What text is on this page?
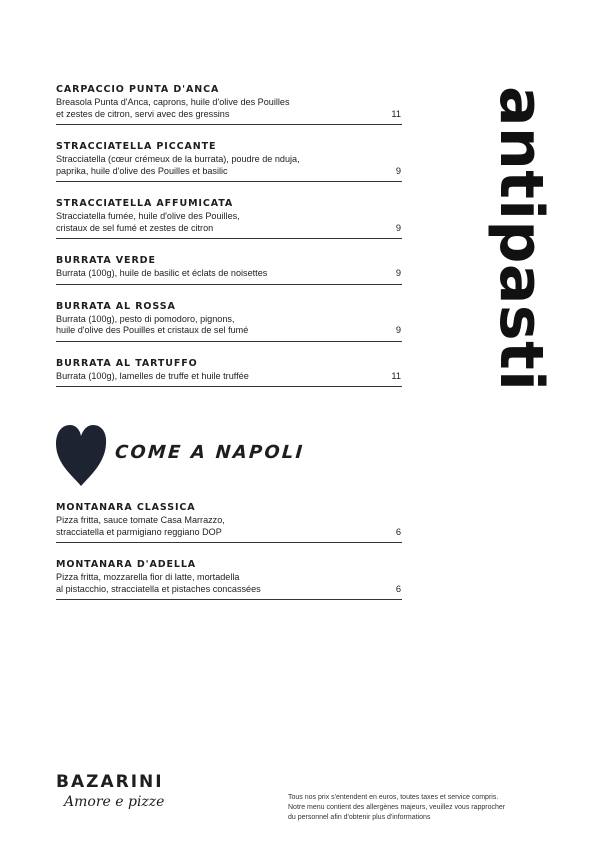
CARPACCIO PUNTA D'ANCA
Breasola Punta d'Anca, caprons, huile d'olive des Pouilles
et zestes de citron, servi avec des gressins	11
STRACCIATELLA PICCANTE
Stracciatella (cœur crémeux de la burrata), poudre de nduja,
paprika, huile d'olive des Pouilles et basilic	9
STRACCIATELLA AFFUMICATA
Stracciatella fumée, huile d'olive des Pouilles,
cristaux de sel fumé et zestes de citron	9
BURRATA VERDE
Burrata (100g), huile de basilic et éclats de noisettes	9
BURRATA AL ROSSA
Burrata (100g), pesto di pomodoro, pignons,
huile d'olive des Pouilles et cristaux de sel fumé	9
BURRATA AL TARTUFFO
Burrata (100g), lamelles de truffe et huile truffée	11 antipasti
COME A NAPOLI
MONTANARA CLASSICA
Pizza fritta, sauce tomate Casa Marrazzo,
stracciatella et parmigiano reggiano DOP	6
MONTANARA D'ADELLA
Pizza fritta, mozzarella fior di latte, mortadella
al pistacchio, stracciatella et pistaches concassées	6
BAZARINI
Amore e pizze	Tous nos prix s'entendent en euros, toutes taxes et service compris.
Notre menu contient des allergènes majeurs, veuillez vous rapprocher
du personnel afin d'obtenir plus d'informations
